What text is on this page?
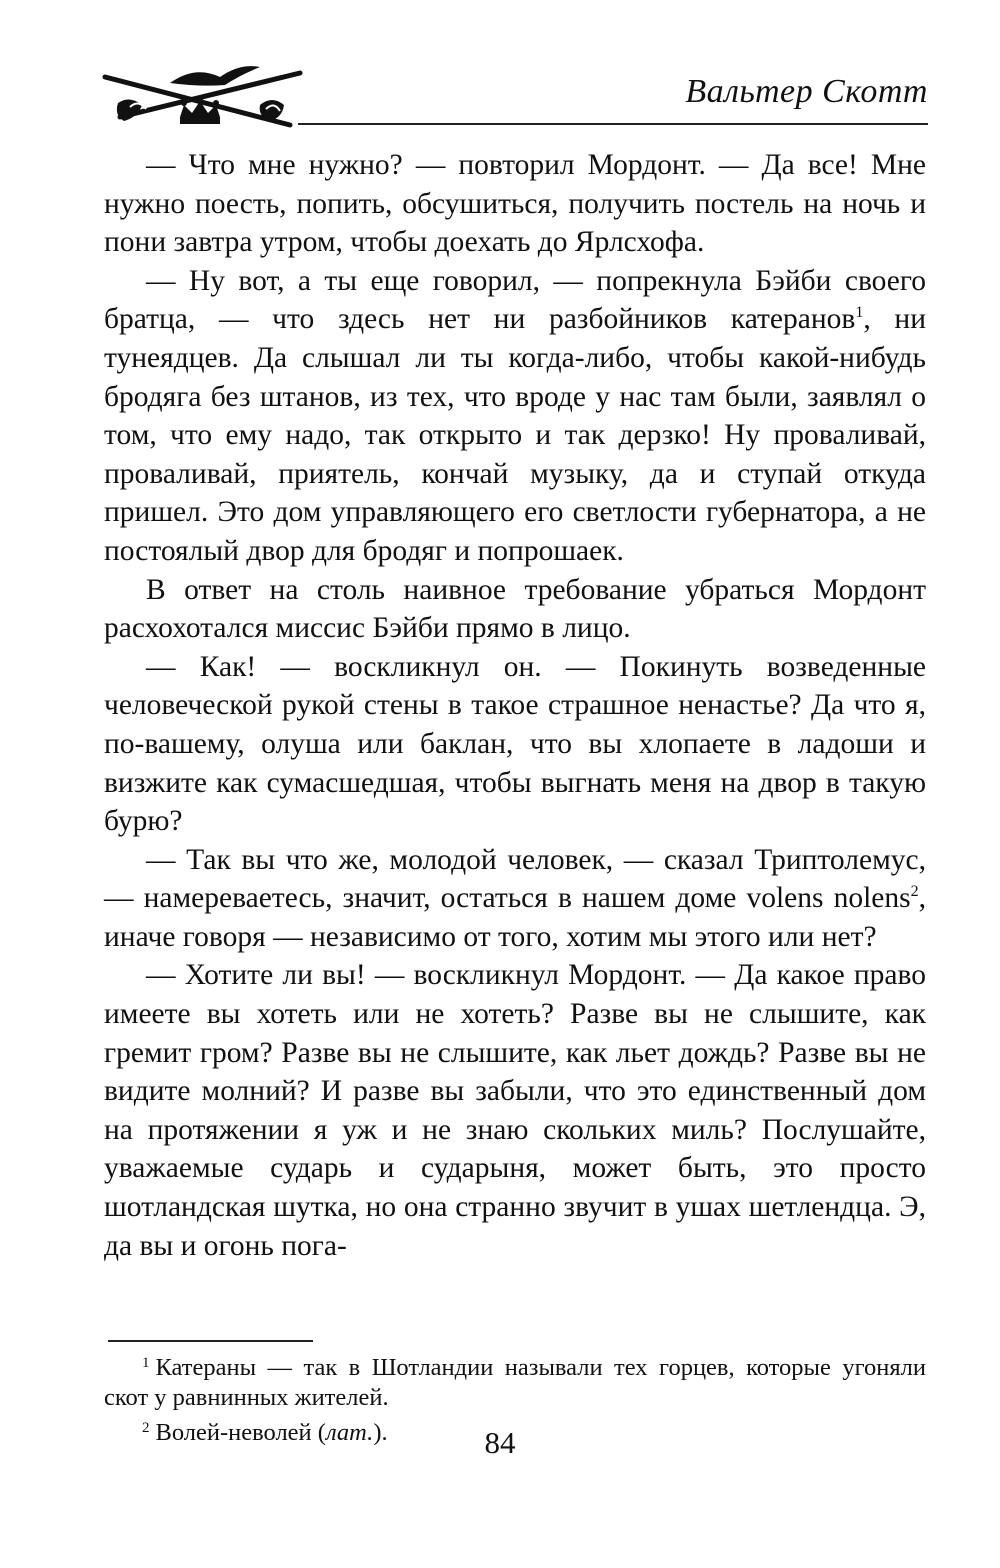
Вальтер Скотт

— Что мне нужно? — повторил Мордонт. — Да все! Мне нужно поесть, попить, обсушиться, получить постель на ночь и пони завтра утром, чтобы доехать до Ярлсхофа.

— Ну вот, а ты еще говорил, — попрекнула Бэйби своего братца, — что здесь нет ни разбойников катеранов$^1$, ни тунеядцев. Да слышал ли ты когда-либо, чтобы какой-нибудь бродяга без штанов, из тех, что вроде у нас там были, заявлял о том, что ему надо, так открыто и так дерзко! Ну проваливай, проваливай, приятель, кончай музыку, да и ступай откуда пришел. Это дом управляющего его светлости губернатора, а не постоялый двор для бродяг и попрошаек.

В ответ на столь наивное требование убраться Мордонт расхохотался миссис Бэйби прямо в лицо.

— Как! — воскликнул он. — Покинуть возведенные человеческой рукой стены в такое страшное ненастье? Да что я, по-вашему, олуша или баклан, что вы хлопаете в ладоши и визжите как сумасшедшая, чтобы выгнать меня на двор в такую бурю?

— Так вы что же, молодой человек, — сказал Триптолемус, — намереваетесь, значит, остаться в нашем доме volens nolens$^2$, иначе говоря — независимо от того, хотим мы этого или нет?

— Хотите ли вы! — воскликнул Мордонт. — Да какое право имеете вы хотеть или не хотеть? Разве вы не слышите, как гремит гром? Разве вы не слышите, как льет дождь? Разве вы не видите молний? И разве вы забыли, что это единственный дом на протяжении я уж и не знаю скольких миль? Послушайте, уважаемые сударь и сударыня, может быть, это просто шотландская шутка, но она странно звучит в ушах шетлендца. Э, да вы и огонь пога-

$^1$ Катераны — так в Шотландии называли тех горцев, которые угоняли скот у равнинных жителей.

$^2$ Волей-неволей (лат.).	84
